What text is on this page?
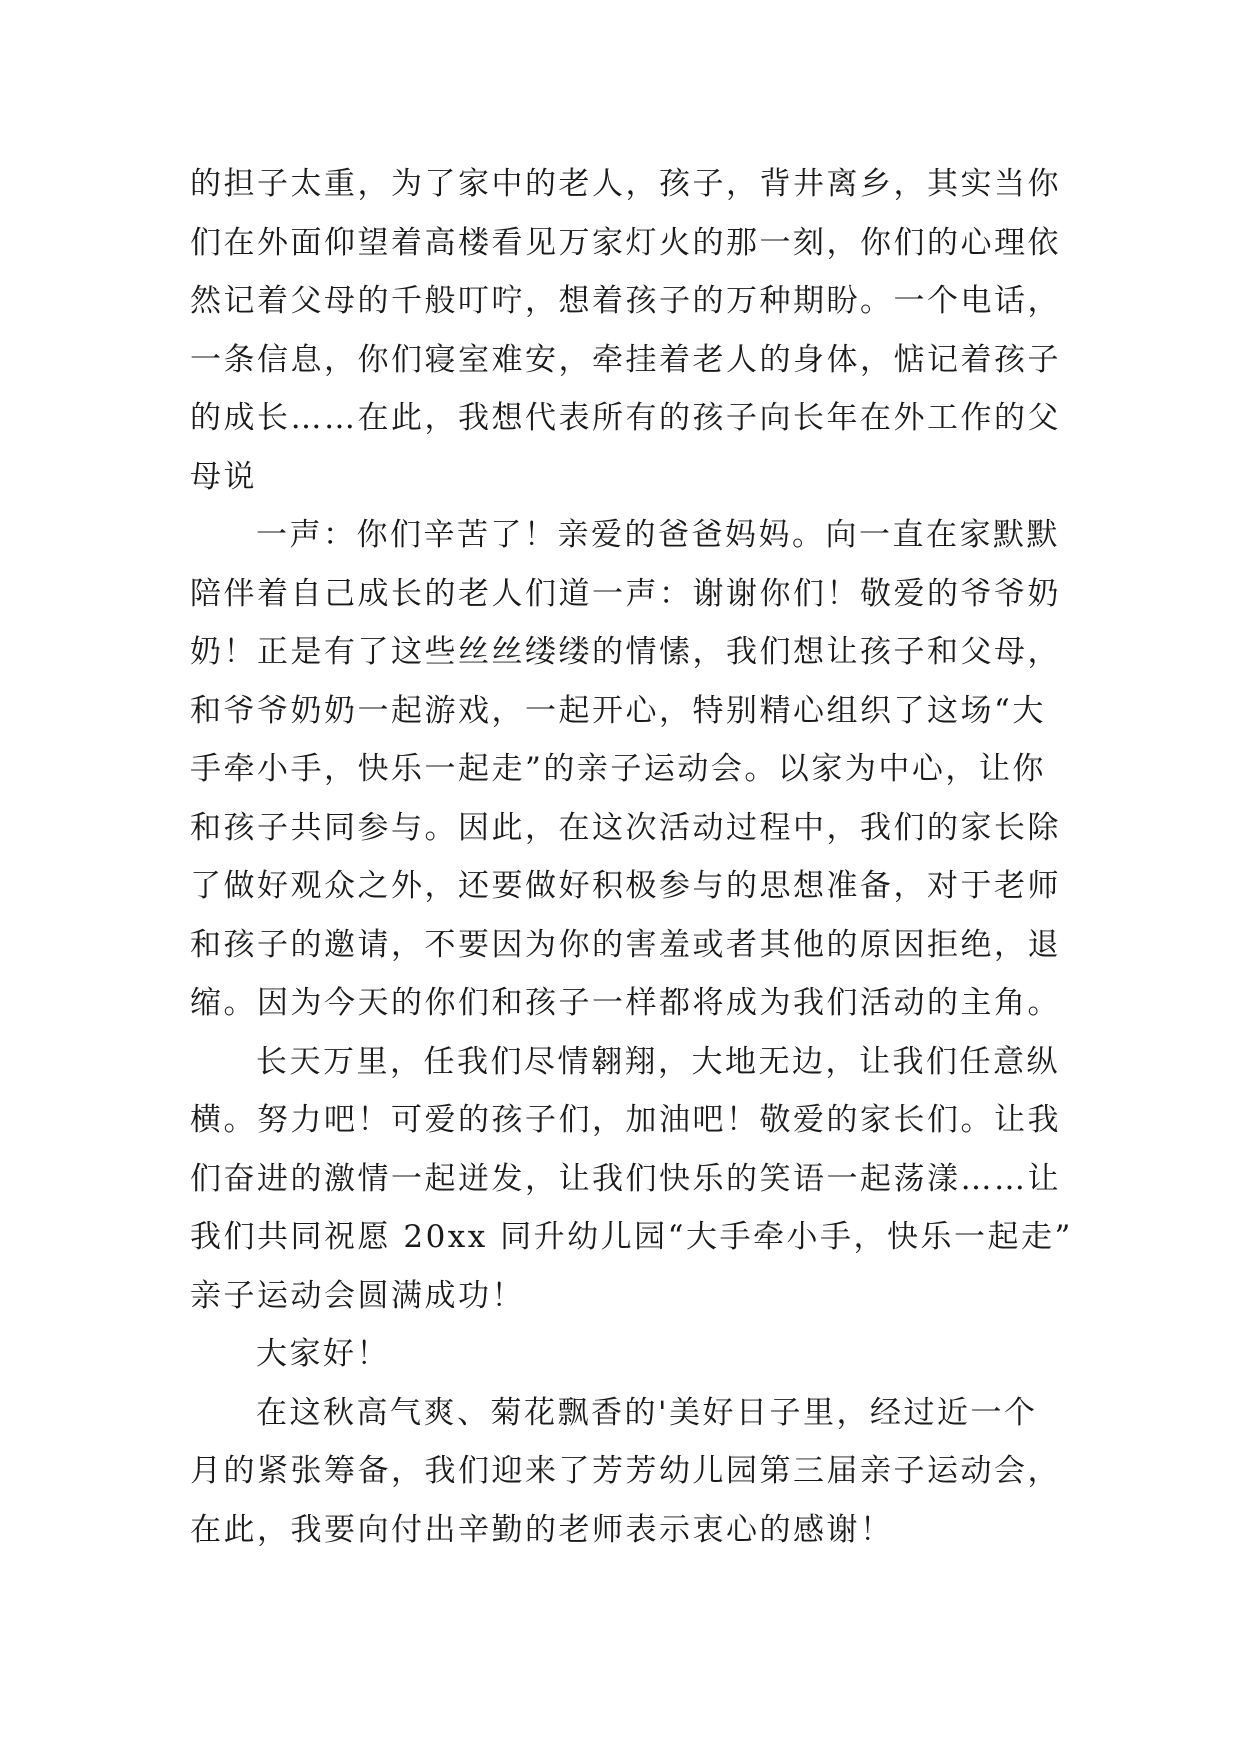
的担子太重，为了家中的老人，孩子，背井离乡，其实当你
们在外面仰望着高楼看见万家灯火的那一刻，你们的心理依
然记着父母的千般叮咛，想着孩子的万种期盼。一个电话，
一条信息，你们寝室难安，牵挂着老人的身体，惦记着孩子
的成长……在此，我想代表所有的孩子向长年在外工作的父
母说
一声：你们辛苦了！亲爱的爸爸妈妈。向一直在家默默
陪伴着自己成长的老人们道一声：谢谢你们！敬爱的爷爷奶
奶！正是有了这些丝丝缕缕的情愫，我们想让孩子和父母，
和爷爷奶奶一起游戏，一起开心，特别精心组织了这场“大
手牵小手，快乐一起走”的亲子运动会。以家为中心，让你
和孩子共同参与。因此，在这次活动过程中，我们的家长除
了做好观众之外，还要做好积极参与的思想准备，对于老师
和孩子的邀请，不要因为你的害羞或者其他的原因拒绝，退
缩。因为今天的你们和孩子一样都将成为我们活动的主角。
长天万里，任我们尽情翱翔，大地无边，让我们任意纵
横。努力吧！可爱的孩子们，加油吧！敬爱的家长们。让我
们奋进的激情一起迸发，让我们快乐的笑语一起荡漾……让
我们共同祝愿 20xx 同升幼儿园“大手牵小手，快乐一起走”
亲子运动会圆满成功！
大家好！
在这秋高气爽、菊花飘香的'美好日子里，经过近一个
月的紧张筹备，我们迎来了芳芳幼儿园第三届亲子运动会，
在此，我要向付出辛勤的老师表示衷心的感谢！
